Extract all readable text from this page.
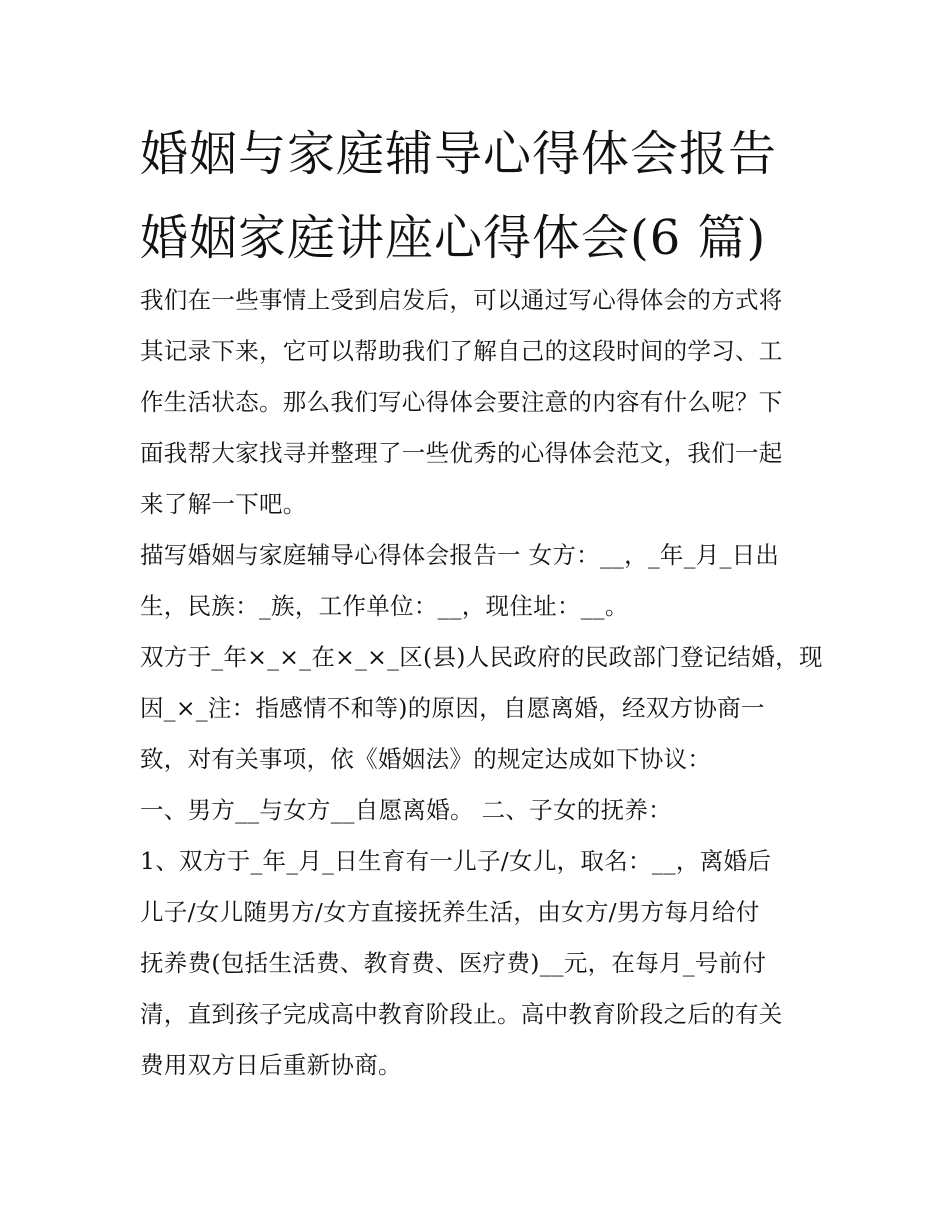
婚姻与家庭辅导心得体会报告
婚姻家庭讲座心得体会(6 篇)

我们在一些事情上受到启发后，可以通过写心得体会的方式将
其记录下来，它可以帮助我们了解自己的这段时间的学习、工
作生活状态。那么我们写心得体会要注意的内容有什么呢？下
面我帮大家找寻并整理了一些优秀的心得体会范文，我们一起
来了解一下吧。

描写婚姻与家庭辅导心得体会报告一 女方：__，_年_月_日出
生，民族：_族，工作单位：__，现住址：__。

双方于_年×_×_在×_×_区(县)人民政府的民政部门登记结婚，现
因_×_注：指感情不和等)的原因，自愿离婚，经双方协商一
致，对有关事项，依《婚姻法》的规定达成如下协议：

一、男方__与女方__自愿离婚。 二、子女的抚养：

1、双方于_年_月_日生育有一儿子/女儿，取名：__，离婚后
儿子/女儿随男方/女方直接抚养生活，由女方/男方每月给付
抚养费(包括生活费、教育费、医疗费)__元，在每月_号前付
清，直到孩子完成高中教育阶段止。高中教育阶段之后的有关
费用双方日后重新协商。
